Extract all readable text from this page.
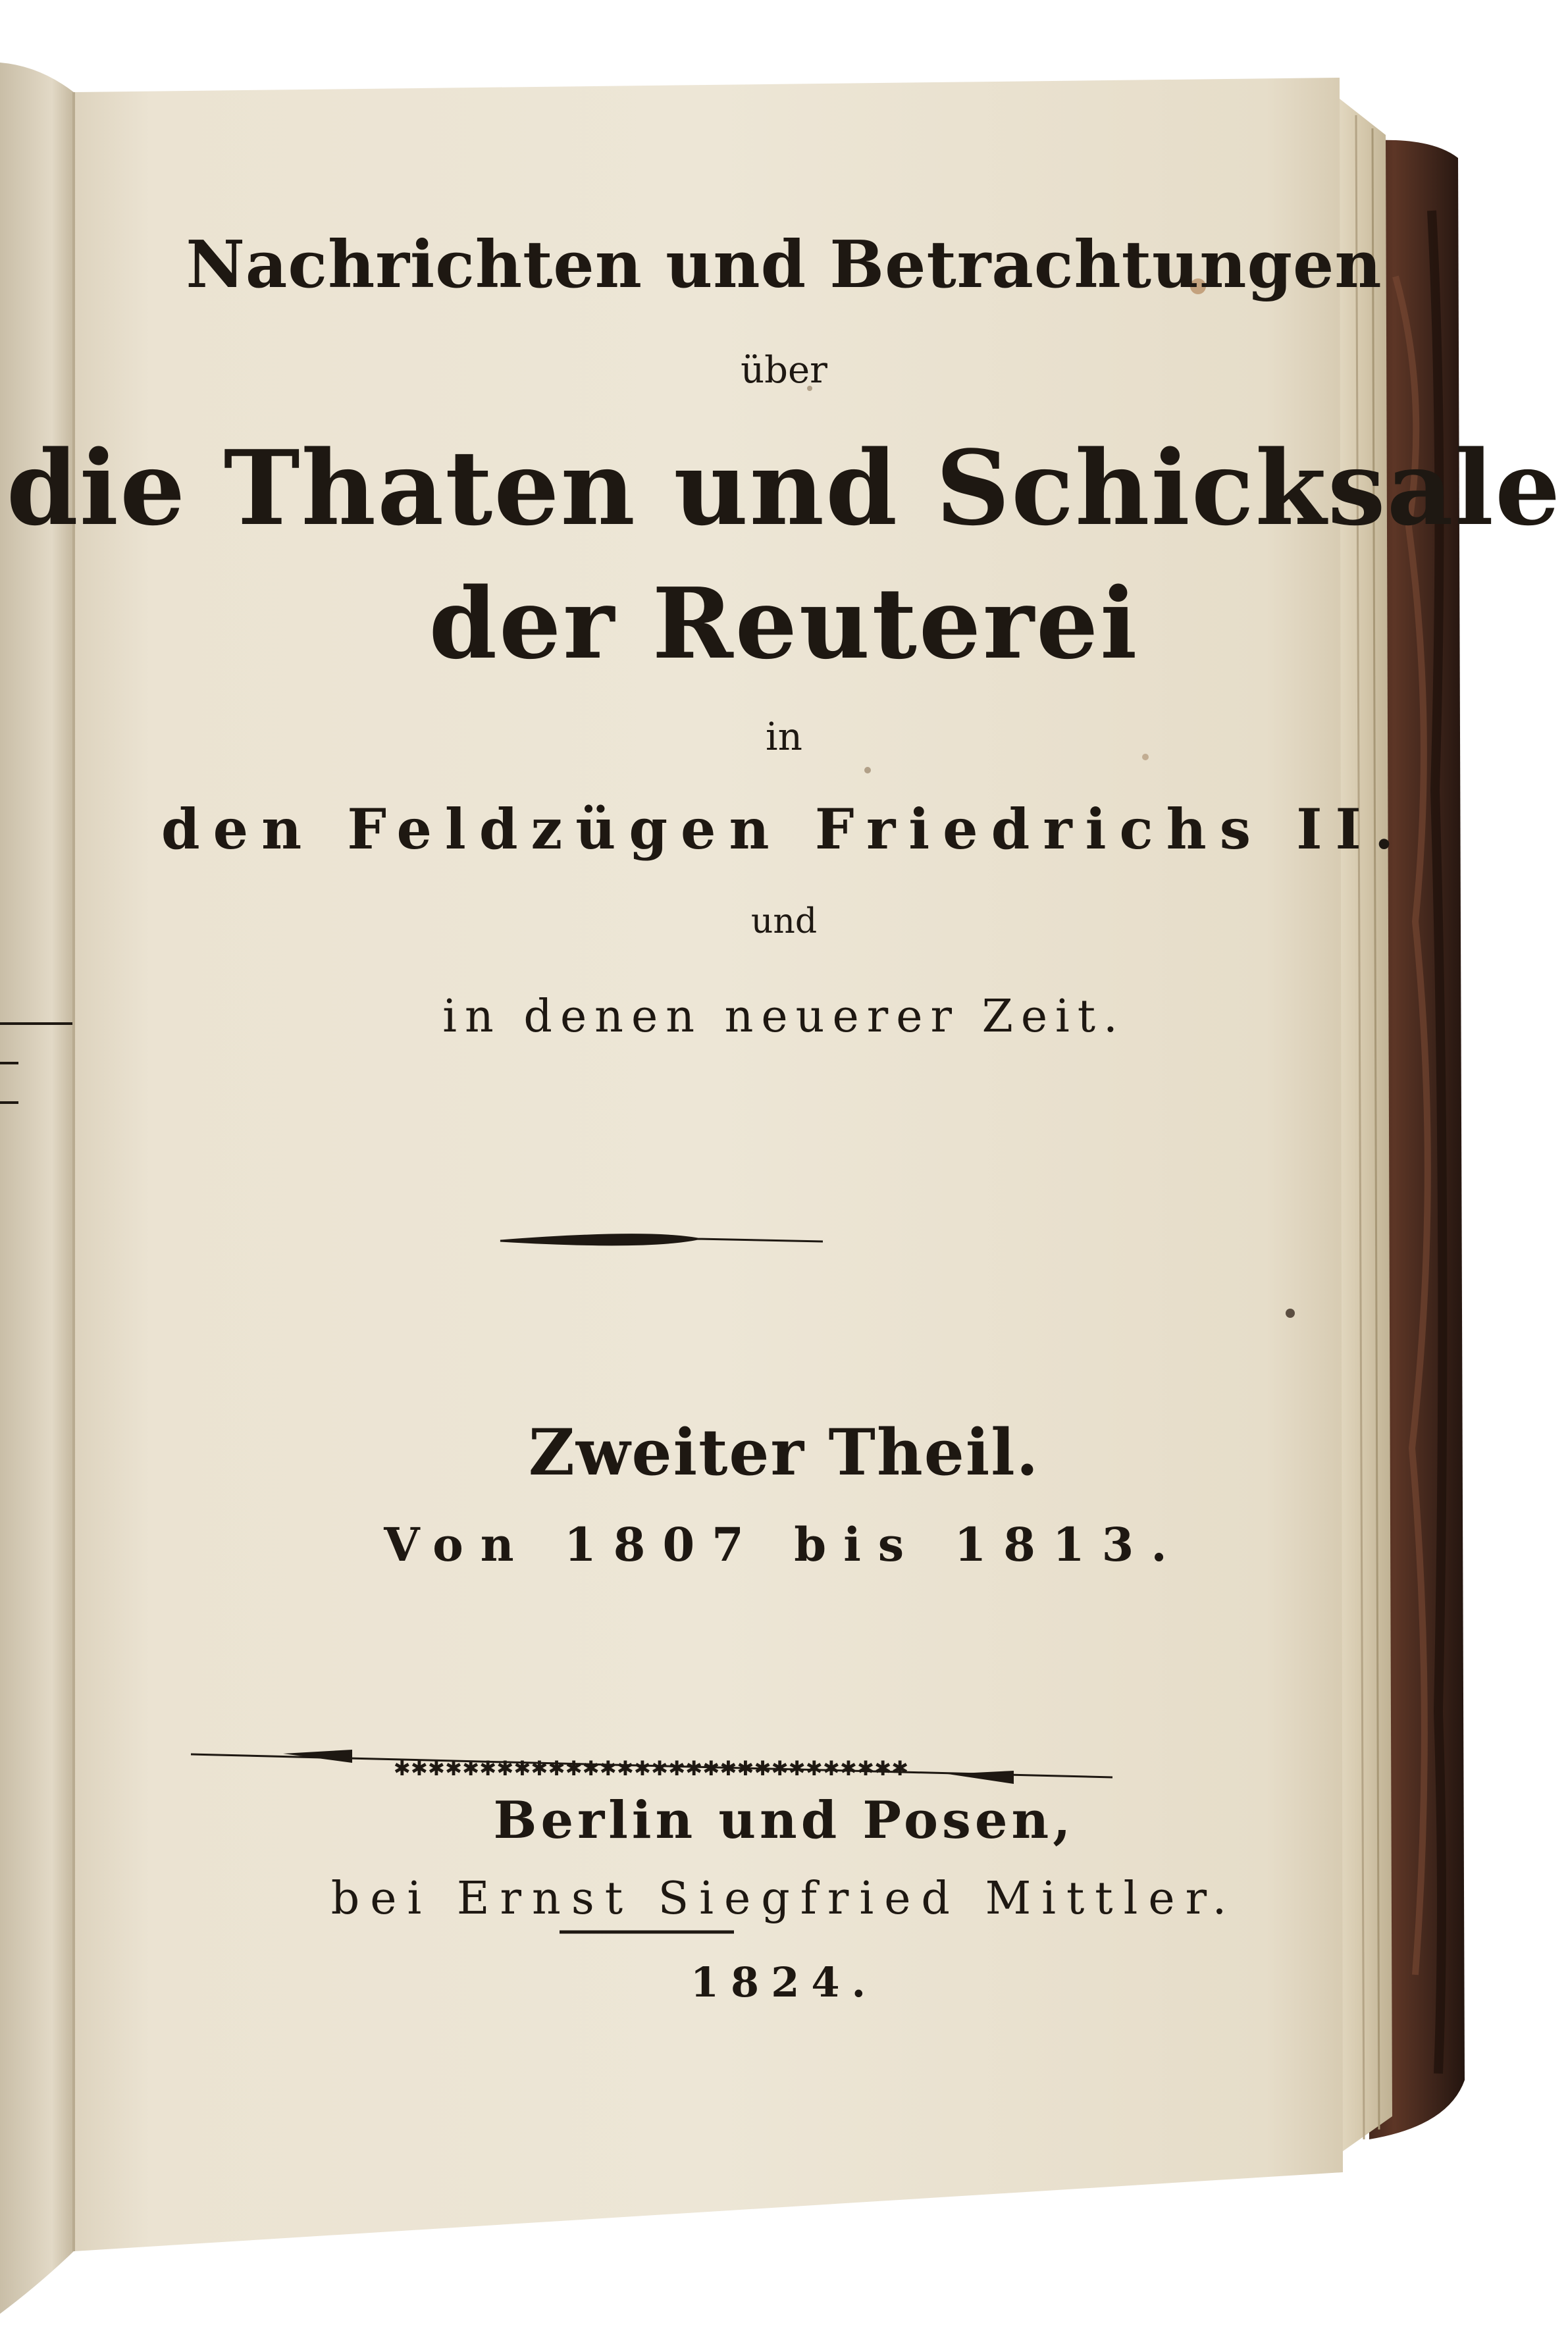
✱✱✱✱✱✱✱✱✱✱✱✱✱✱✱✱✱✱✱✱✱✱✱✱✱✱✱✱✱✱
Nachrichten und Betrachtungen
über
die Thaten und Schicksale
der Reuterei
in
den Feldzügen Friedrichs II.
und
in denen neuerer Zeit.
Zweiter Theil.
Von 1807 bis 1813.
Berlin und Posen,
bei Ernst Siegfried Mittler.
1824.
